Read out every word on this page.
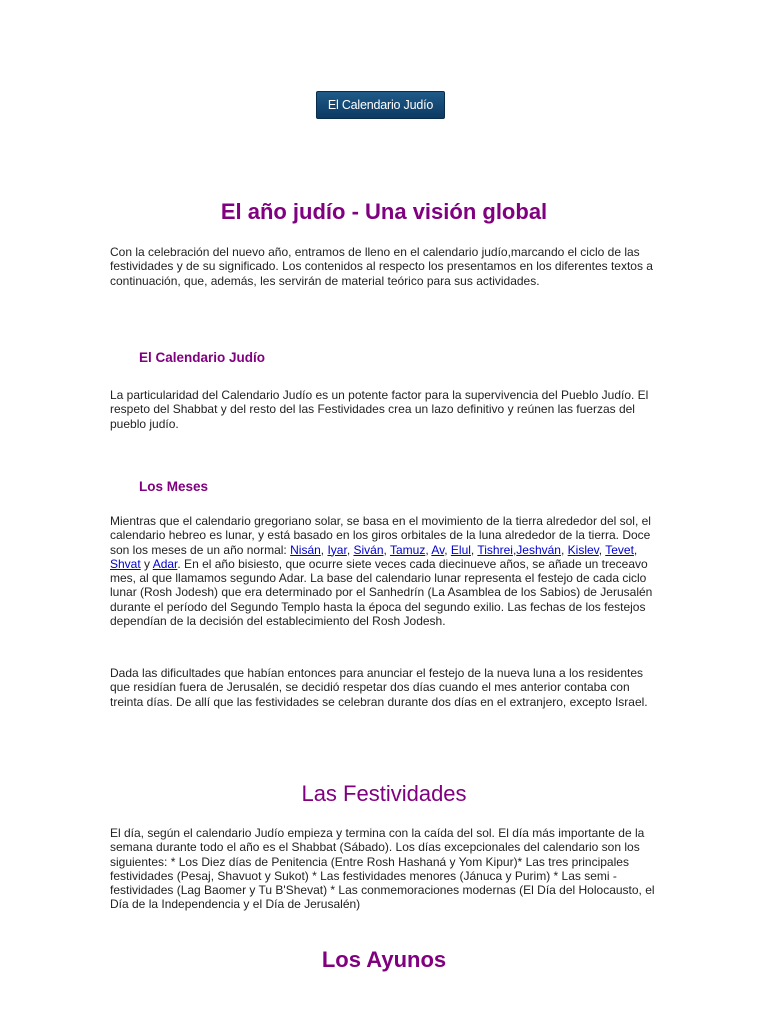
El Calendario Judío
El año judío - Una visión global

Con la celebración del nuevo año, entramos de lleno en el calendario judío,marcando el ciclo de las festividades y de su significado. Los contenidos al respecto los presentamos en los diferentes textos a continuación, que, además, les servirán de material teórico para sus actividades.

El Calendario Judío

La particularidad del Calendario Judío es un potente factor para la supervivencia del Pueblo Judío. El respeto del Shabbat y del resto del las Festividades crea un lazo definitivo y reúnen las fuerzas del pueblo judío.

Los Meses

Mientras que el calendario gregoriano solar, se basa en el movimiento de la tierra alrededor del sol, el calendario hebreo es lunar, y está basado en los giros orbitales de la luna alrededor de la tierra. Doce son los meses de un año normal: Nisán, Iyar, Siván, Tamuz, Av, Elul, Tishrei,Jeshván, Kislev, Tevet, Shvat y Adar. En el año bisiesto, que ocurre siete veces cada diecinueve años, se añade un treceavo mes, al que llamamos segundo Adar. La base del calendario lunar representa el festejo de cada ciclo lunar (Rosh Jodesh) que era determinado por el Sanhedrín (La Asamblea de los Sabios) de Jerusalén durante el período del Segundo Templo hasta la época del segundo exilio. Las fechas de los festejos dependían de la decisión del establecimiento del Rosh Jodesh.

Dada las dificultades que habían entonces para anunciar el festejo de la nueva luna a los residentes que residían fuera de Jerusalén, se decidió respetar dos días cuando el mes anterior contaba con treinta días. De allí que las festividades se celebran durante dos días en el extranjero, excepto Israel.

Las Festividades

El día, según el calendario Judío empieza y termina con la caída del sol. El día más importante de la semana durante todo el año es el Shabbat (Sábado). Los días excepcionales del calendario son los siguientes: * Los Diez días de Penitencia (Entre Rosh Hashaná y Yom Kipur)* Las tres principales festividades (Pesaj, Shavuot y Sukot) * Las festividades menores (Jánuca y Purim) * Las semi - festividades (Lag Baomer y Tu B'Shevat) * Las conmemoraciones modernas (El Día del Holocausto, el Día de la Independencia y el Día de Jerusalén)

Los Ayunos
